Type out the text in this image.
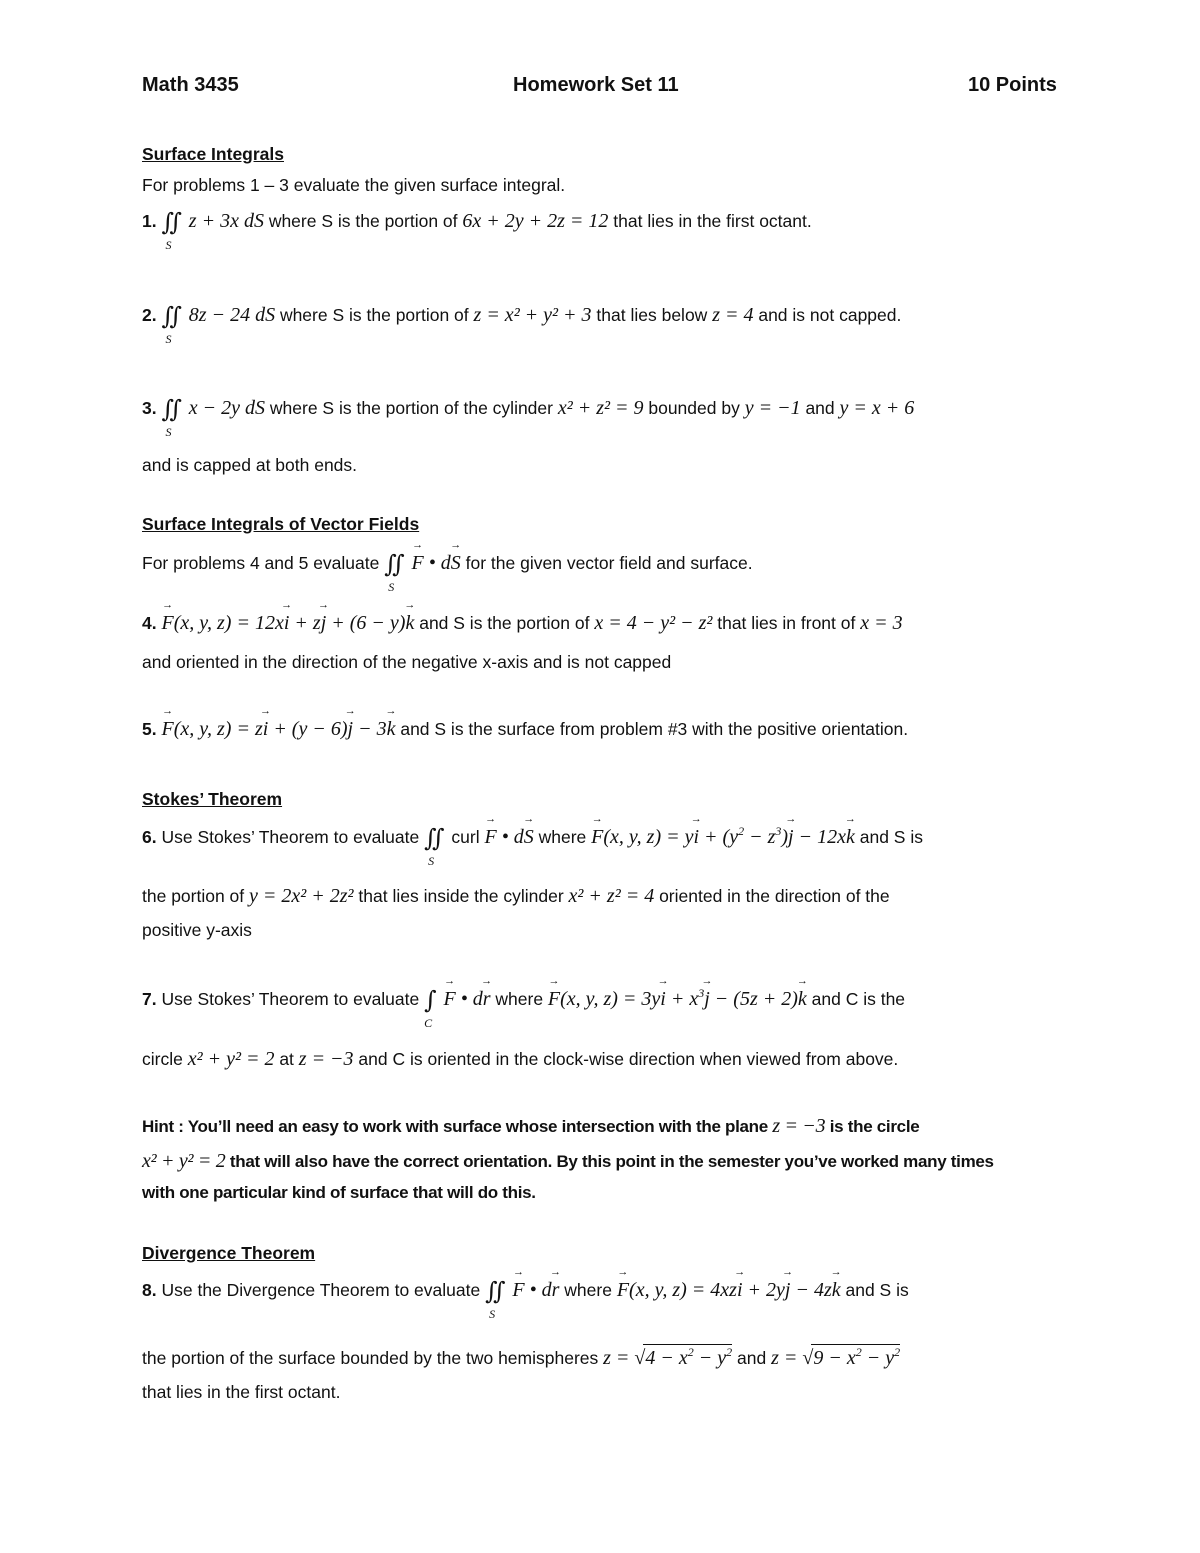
Math 3435	Homework Set 11	10 Points
Surface Integrals
For problems 1 – 3 evaluate the given surface integral.
1. ∬
S
z + 3x dS where S is the portion of 6x + 2y + 2z = 12 that lies in the first octant.
2. ∬
S
8z − 24 dS where S is the portion of z = x² + y² + 3 that lies below z = 4 and is not capped.
3. ∬
S
x − 2y dS where S is the portion of the cylinder x² + z² = 9 bounded by y = −1 and y = x + 6
and is capped at both ends.
Surface Integrals of Vector Fields
For problems 4 and 5 evaluate ∬
S
→ F • d→ S for the given vector field and surface.
4. → F(x, y, z) = 12x→ i + z→ j + (6 − y)→ k and S is the portion of x = 4 − y² − z² that lies in front of x = 3
and oriented in the direction of the negative x-axis and is not capped
5. → F(x, y, z) = z→ i + (y − 6)→ j − 3→ k and S is the surface from problem #3 with the positive orientation.
Stokes’ Theorem
6. Use Stokes’ Theorem to evaluate ∬
S
curl → F • d→ S where → F(x, y, $z) = y\to i + (y^2 - z^3)\to j - 12x\to k$ and S is
the portion of y = 2x² + 2z² that lies inside the cylinder x² + z² = 4 oriented in the direction of the
positive y-axis
7. Use Stokes’ Theorem to evaluate ∫
C
→ F • d→ r where → F(x, y, $z) = 3y\to i + x^3\to j - (5z + 2)\to k$ and C is the
circle x² + y² = 2 at z = −3 and C is oriented in the clock-wise direction when viewed from above.
Hint : You’ll need an easy to work with surface whose intersection with the plane z = −3 is the circle
x² + y² = 2 that will also have the correct orientation. By this point in the semester you’ve worked many times
with one particular kind of surface that will do this.
Divergence Theorem
8. Use the Divergence Theorem to evaluate ∬
S
→ F • d→ r where → F(x, y, z) = 4xz→ i + 2y→ j − 4z→ k and S is
the portion of the surface bounded by the two hemispheres $z = √4 - x^2 - y^2$ and $z = √9 - x^2 - y^2$
that lies in the first octant.
